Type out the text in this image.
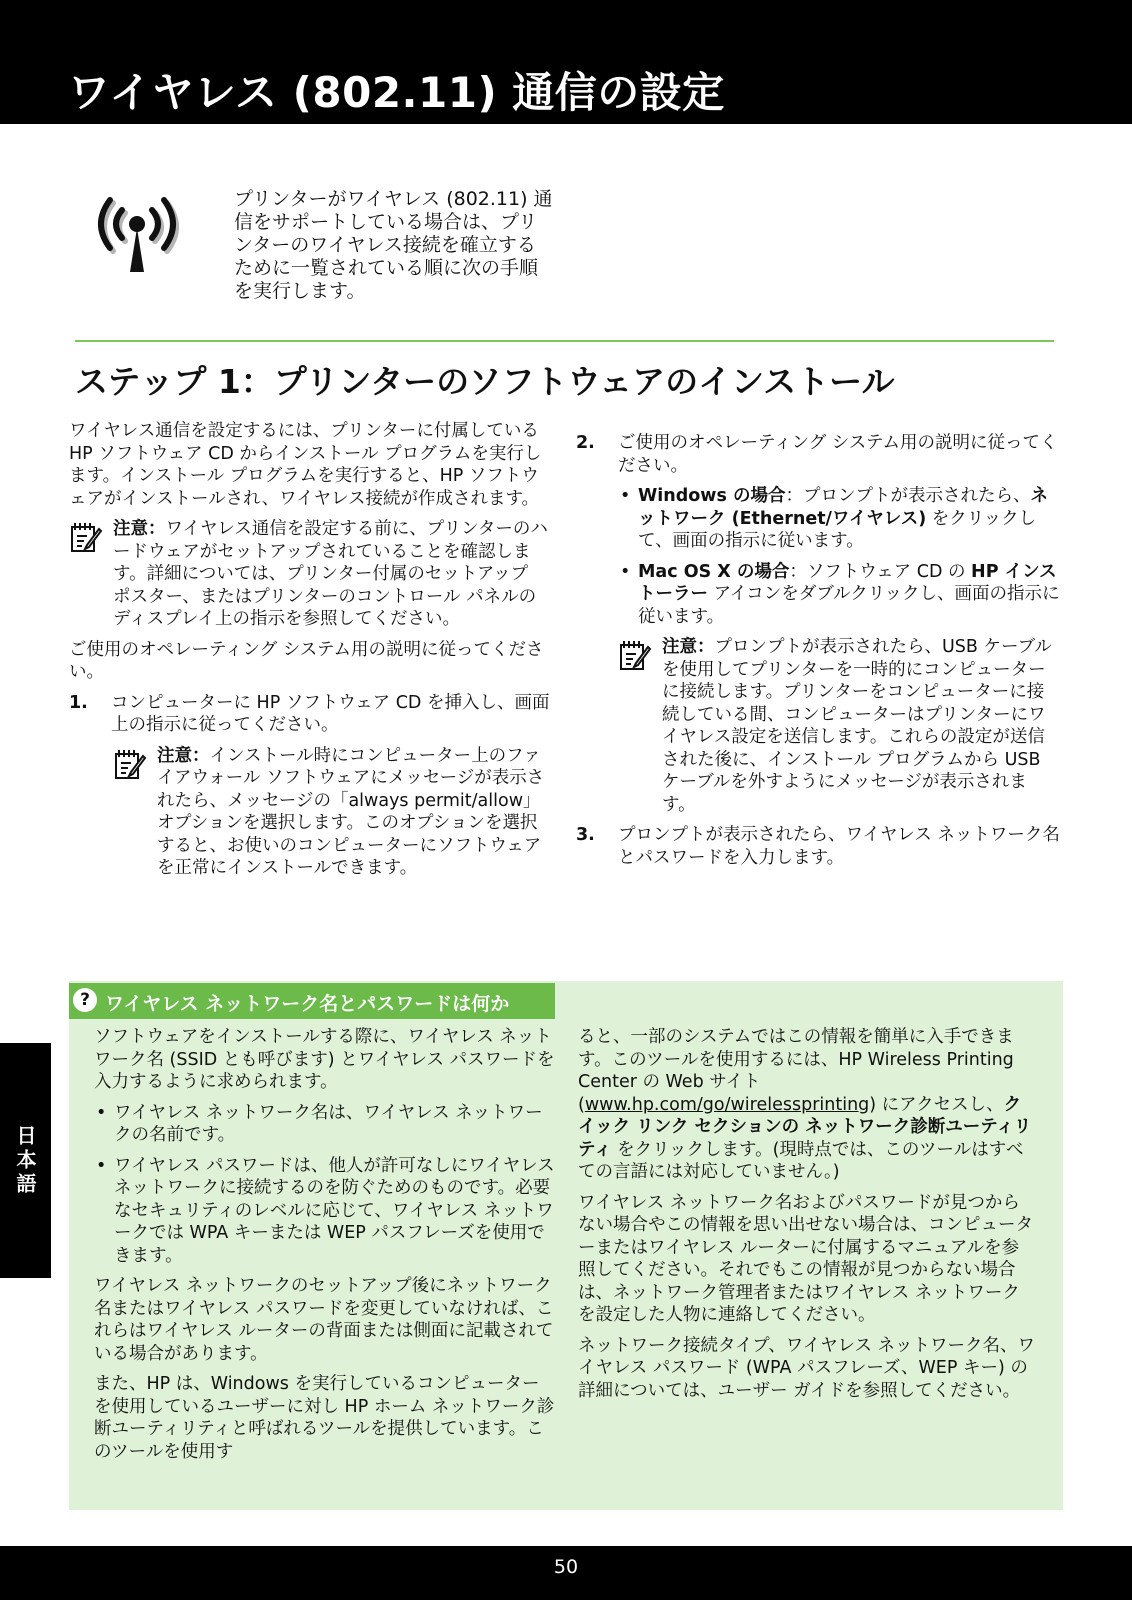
ワイヤレス (802.11) 通信の設定
プリンターがワイヤレス (802.11) 通信をサポートしている場合は、プリンターのワイヤレス接続を確立するために一覧されている順に次の手順を実行します。
ステップ 1：プリンターのソフトウェアのインストール

ワイヤレス通信を設定するには、プリンターに付属している HP ソフトウェア CD からインストール プログラムを実行します。インストール プログラムを実行すると、HP ソフトウェアがインストールされ、ワイヤレス接続が作成されます。

注意：ワイヤレス通信を設定する前に、プリンターのハードウェアがセットアップされていることを確認します。詳細については、プリンター付属のセットアップ ポスター、またはプリンターのコントロール パネルのディスプレイ上の指示を参照してください。

ご使用のオペレーティング システム用の説明に従ってください。

1. コンピューターに HP ソフトウェア CD を挿入し、画面上の指示に従ってください。
注意：インストール時にコンピューター上のファイアウォール ソフトウェアにメッセージが表示されたら、メッセージの「always permit/allow」オプションを選択します。このオプションを選択すると、お使いのコンピューターにソフトウェアを正常にインストールできます。
2. ご使用のオペレーティング システム用の説明に従ってください。
• Windows の場合：プロンプトが表示されたら、ネットワーク (Ethernet/ワイヤレス) をクリックして、画面の指示に従います。
• Mac OS X の場合：ソフトウェア CD の HP インストーラー アイコンをダブルクリックし、画面の指示に従います。
注意：プロンプトが表示されたら、USB ケーブルを使用してプリンターを一時的にコンピューターに接続します。プリンターをコンピューターに接続している間、コンピューターはプリンターにワイヤレス設定を送信します。これらの設定が送信された後に、インストール プログラムから USB ケーブルを外すようにメッセージが表示されます。
3. プロンプトが表示されたら、ワイヤレス ネットワーク名とパスワードを入力します。
? ワイヤレス ネットワーク名とパスワードは何か

ソフトウェアをインストールする際に、ワイヤレス ネットワーク名 (SSID とも呼びます) とワイヤレス パスワードを入力するように求められます。

• ワイヤレス ネットワーク名は、ワイヤレス ネットワークの名前です。
• ワイヤレス パスワードは、他人が許可なしにワイヤレス ネットワークに接続するのを防ぐためのものです。必要なセキュリティのレベルに応じて、ワイヤレス ネットワークでは WPA キーまたは WEP パスフレーズを使用できます。

ワイヤレス ネットワークのセットアップ後にネットワーク名またはワイヤレス パスワードを変更していなければ、これらはワイヤレス ルーターの背面または側面に記載されている場合があります。

また、HP は、Windows を実行しているコンピューターを使用しているユーザーに対し HP ホーム ネットワーク診断ユーティリティと呼ばれるツールを提供しています。このツールを使用す

ると、一部のシステムではこの情報を簡単に入手できます。このツールを使用するには、HP Wireless Printing Center の Web サイト (www.hp.com/go/wirelessprinting) にアクセスし、クイック リンク セクションの ネットワーク診断ユーティリティ をクリックします。(現時点では、このツールはすべての言語には対応していません。)

ワイヤレス ネットワーク名およびパスワードが見つからない場合やこの情報を思い出せない場合は、コンピューターまたはワイヤレス ルーターに付属するマニュアルを参照してください。それでもこの情報が見つからない場合は、ネットワーク管理者またはワイヤレス ネットワークを設定した人物に連絡してください。

ネットワーク接続タイプ、ワイヤレス ネットワーク名、ワイヤレス パスワード (WPA パスフレーズ、WEP キー) の詳細については、ユーザー ガイドを参照してください。

日本語
50
